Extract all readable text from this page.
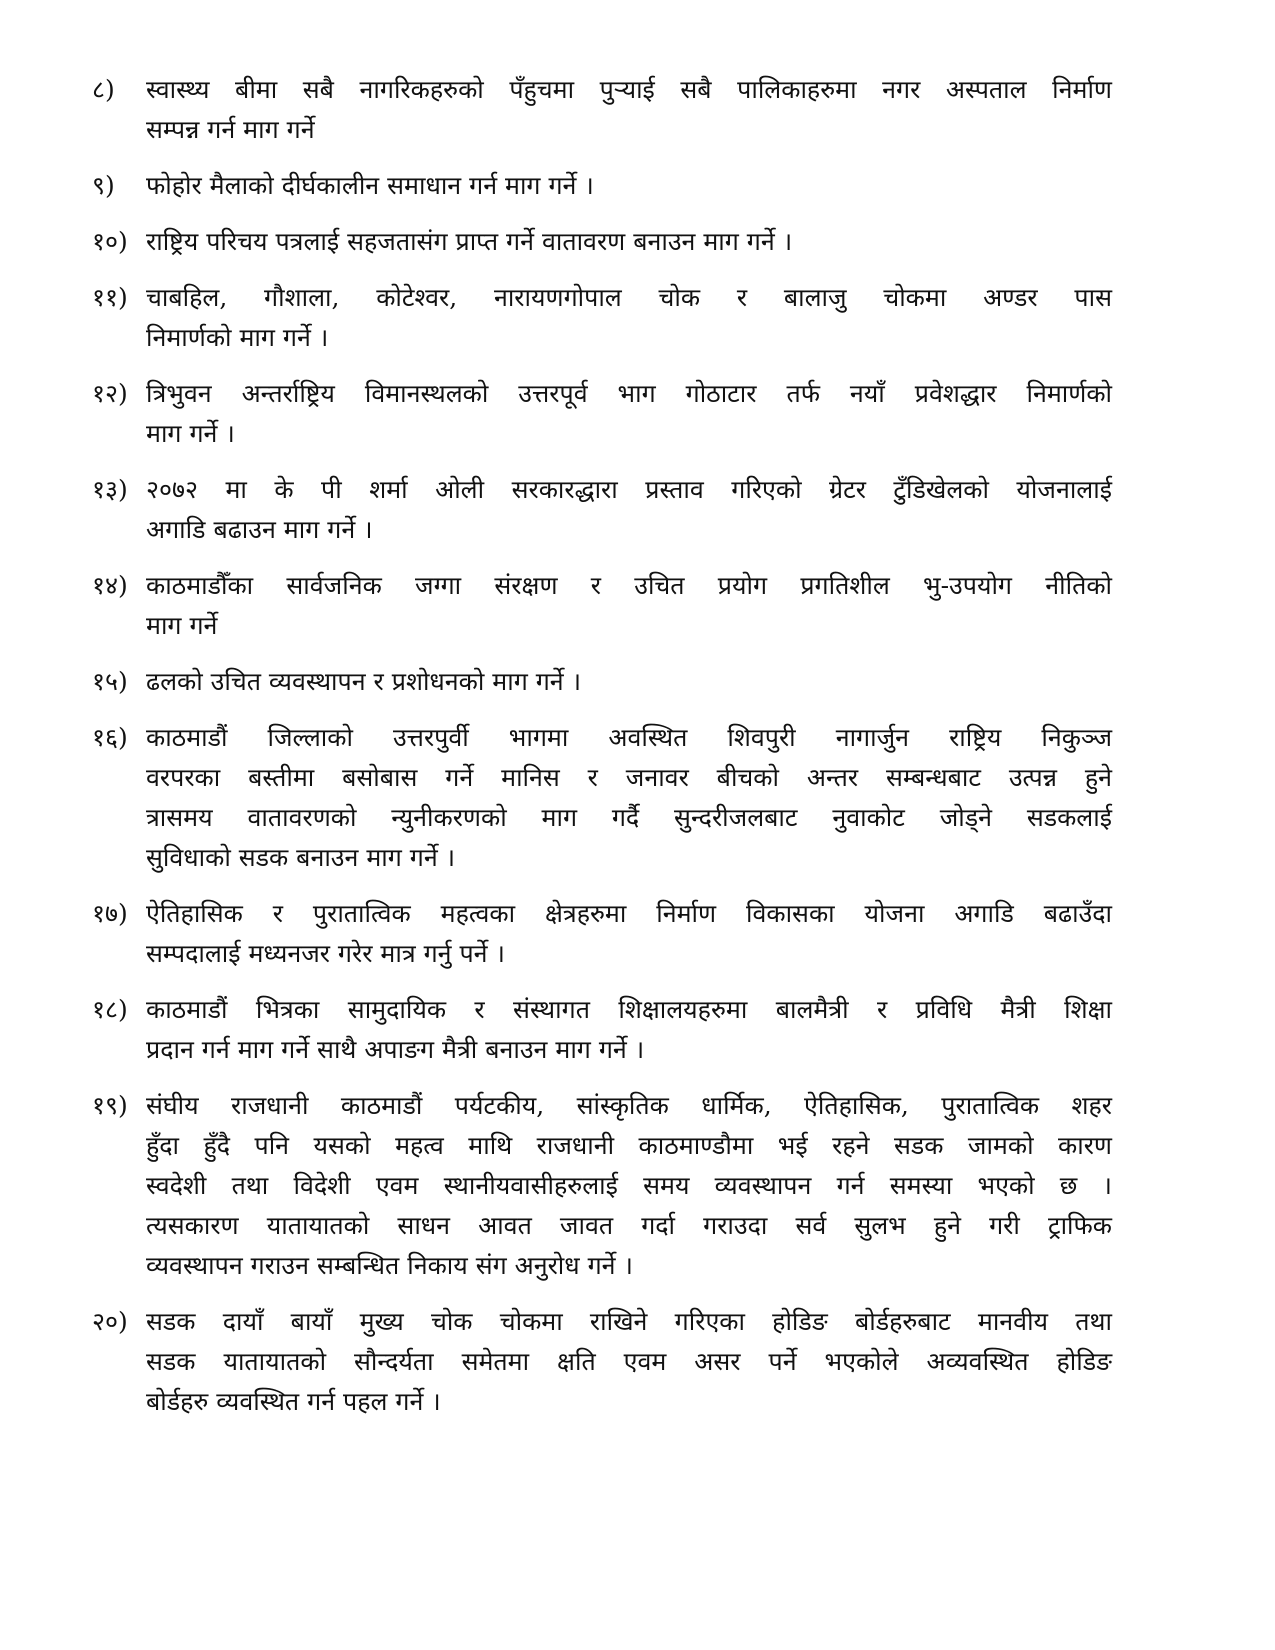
८)	स्वास्थ्य बीमा सबै नागरिकहरुको पँहुचमा पुऱ्याई सबै पालिकाहरुमा नगर अस्पताल निर्माण
सम्पन्न गर्न माग गर्ने
९)	फोहोर मैलाको दीर्घकालीन समाधान गर्न माग गर्ने ।
१०) राष्ट्रिय परिचय पत्रलाई सहजतासंग प्राप्त गर्ने वातावरण बनाउन माग गर्ने ।
११) चाबहिल, गौशाला, कोटेश्वर, नारायणगोपाल चोक र बालाजु चोकमा अण्डर पास
निमार्णको माग गर्ने ।
१२) त्रिभुवन अन्तर्राष्ट्रिय विमानस्थलको उत्तरपूर्व भाग गोठाटार तर्फ नयाँ प्रवेशद्धार निमार्णको
माग गर्ने ।
१३) २०७२ मा के पी शर्मा ओली सरकारद्धारा प्रस्ताव गरिएको ग्रेटर टुँडिखेलको योजनालाई
अगाडि बढाउन माग गर्ने ।
१४) काठमाडौँका सार्वजनिक जग्गा संरक्षण र उचित प्रयोग प्रगतिशील भु-उपयोग नीतिको
माग गर्ने
१५) ढलको उचित व्यवस्थापन र प्रशोधनको माग गर्ने ।
१६) काठमाडौं जिल्लाको उत्तरपुर्वी भागमा अवस्थित शिवपुरी नागार्जुन राष्ट्रिय निकुञ्ज
वरपरका बस्तीमा बसोबास गर्ने मानिस र जनावर बीचको अन्तर सम्बन्धबाट उत्पन्न हुने
त्रासमय वातावरणको न्युनीकरणको माग गर्दै सुन्दरीजलबाट नुवाकोट जोड्ने सडकलाई
सुविधाको सडक बनाउन माग गर्ने ।
१७) ऐतिहासिक र पुरातात्विक महत्वका क्षेत्रहरुमा निर्माण विकासका योजना अगाडि बढाउँदा
सम्पदालाई मध्यनजर गरेर मात्र गर्नु पर्ने ।
१८) काठमाडौं भित्रका सामुदायिक र संस्थागत शिक्षालयहरुमा बालमैत्री र प्रविधि मैत्री शिक्षा
प्रदान गर्न माग गर्ने साथै अपाङग मैत्री बनाउन माग गर्ने ।
१९) संघीय राजधानी काठमाडौं पर्यटकीय, सांस्कृतिक धार्मिक, ऐतिहासिक, पुरातात्विक शहर
हुँदा हुँदै पनि यसको महत्व माथि राजधानी काठमाण्डौमा भई रहने सडक जामको कारण
स्वदेशी तथा विदेशी एवम स्थानीयवासीहरुलाई समय व्यवस्थापन गर्न समस्या भएको छ ।
त्यसकारण यातायातको साधन आवत जावत गर्दा गराउदा सर्व सुलभ हुने गरी ट्राफिक
व्यवस्थापन गराउन सम्बन्धित निकाय संग अनुरोध गर्ने ।
२०) सडक दायाँ बायाँ मुख्य चोक चोकमा राखिने गरिएका होडिङ बोर्डहरुबाट मानवीय तथा
सडक यातायातको सौन्दर्यता समेतमा क्षति एवम असर पर्ने भएकोले अव्यवस्थित होडिङ
बोर्डहरु व्यवस्थित गर्न पहल गर्ने ।
